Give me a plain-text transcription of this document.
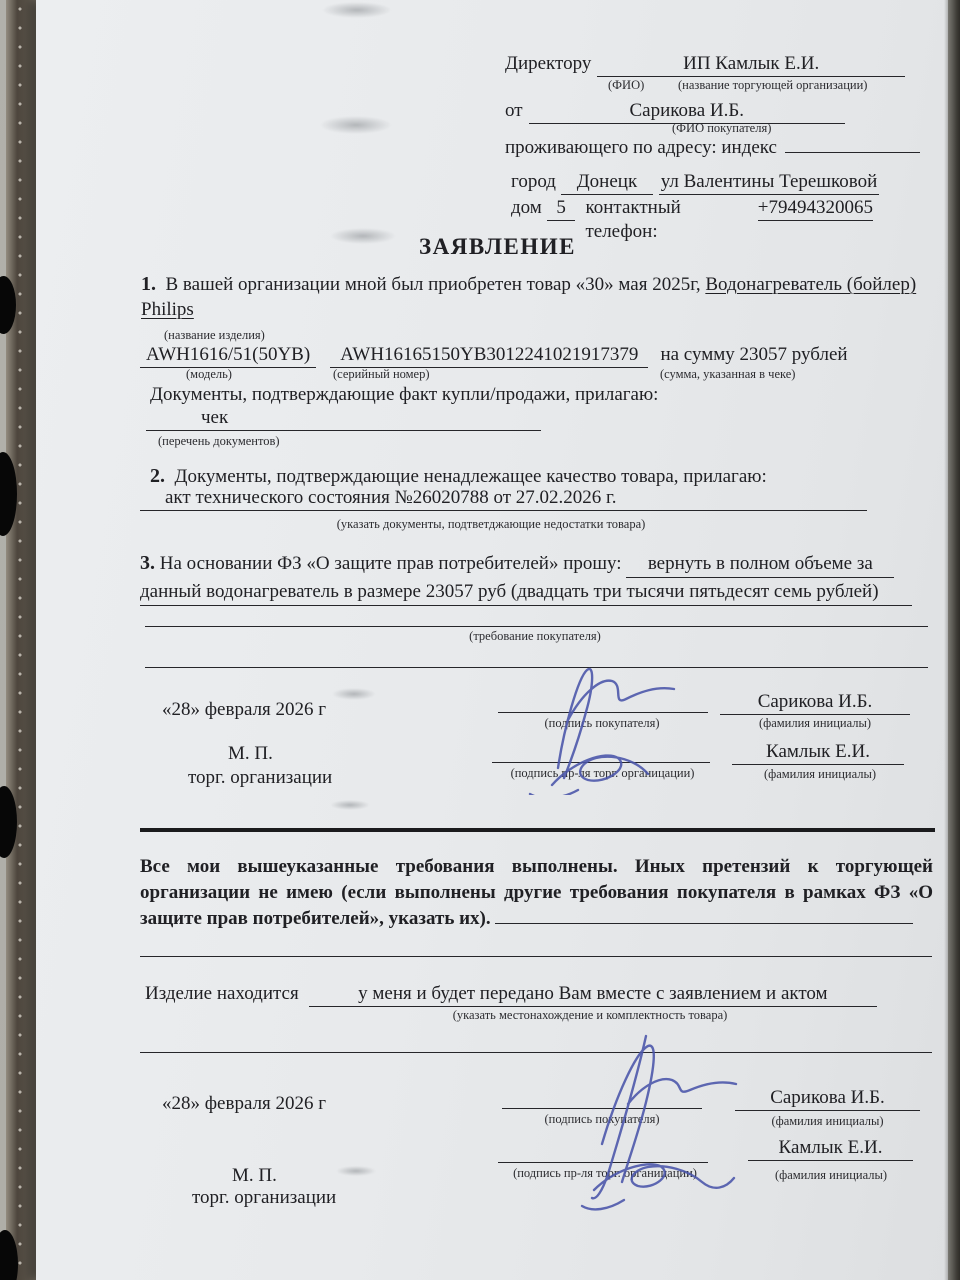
Директору	ИП Камлык Е.И.
(ФИО)	(название торгующей организации)
от	Сарикова И.Б.
(ФИО покупателя)
проживающего по адресу: индекс
город	Донецк	ул Валентины Терешковой
дом 5	контактный телефон:
+79494320065
ЗАЯВЛЕНИЕ

1. В вашей организации мной был приобретен товар «30» мая 2025г, Водонагреватель (бойлер) Philips

(название изделия)
AWH1616/51(50YB)	AWH16165150YB3012241021917379	на сумму 23057 рублей
(модель)	(серийный номер)	(сумма, указанная в чеке)
Документы, подтверждающие факт купли/продажи, прилагаю:
чек
(перечень документов)
2. Документы, подтверждающие ненадлежащее качество товара, прилагаю:
акт технического состояния №26020788 от 27.02.2026 г.
(указать документы, подтветджающие недостатки товара)

3. На основании ФЗ «О защите прав потребителей» прошу: вернуть в полном объеме за данный водонагреватель в размере 23057 руб (двадцать три тысячи пятьдесят семь рублей)

(требование покупателя)
«28» февраля 2026 г
(подпись покупателя)
Сарикова И.Б.
(фамилия инициалы)
М. П.
(подпись пр-ля торг. органицации)
Камлык Е.И.
(фамилия инициалы)

Все мои вышеуказанные требования выполнены. Иных претензий к торгующей организации не имею (если выполнены другие требования покупателя в рамках ФЗ «О защите прав потребителей», указать их).

Изделие находится	у меня и будет передано Вам вместе с заявлением и актом
(указать местонахождение и комплектность товара)
«28» февраля 2026 г
(подпись покупателя)
Сарикова И.Б.
(фамилия инициалы)
Камлык Е.И.
(подпись пр-ля торг. органицации)	(фамилия инициалы)
М. П.
торг. организации
торг. организации
